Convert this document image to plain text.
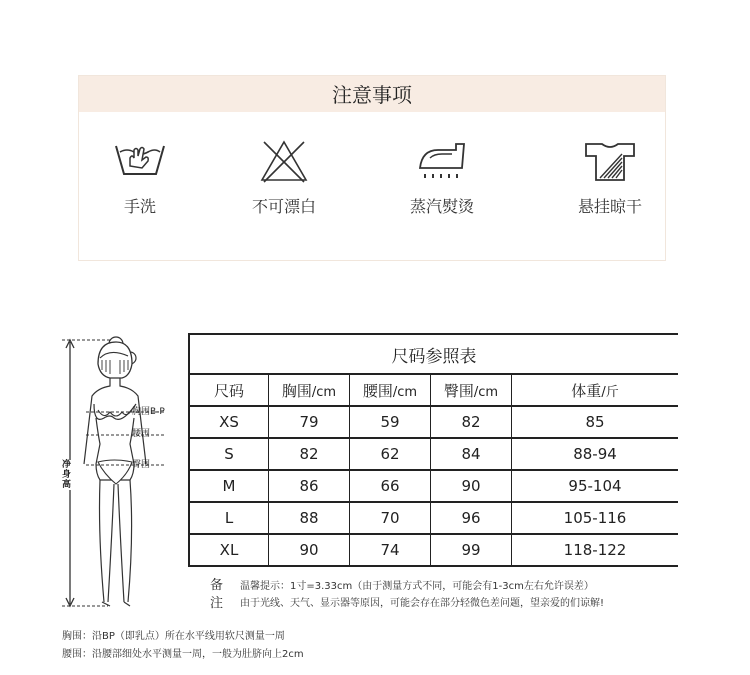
注意事项
手洗	不可漂白	蒸汽熨烫	悬挂晾干
胸围B-P
腰围
臀围
净身高
尺码参照表				
尺码	胸围/cm	腰围/cm	臀围/cm	体重/斤
XS	79	59	82	85
S	82	62	84	88-94
M	86	66	90	95-104
L	88	70	96	105-116
XL	90	74	99	118-122
备
注
温馨提示：1寸=3.33cm（由于测量方式不同，可能会有1-3cm左右允许误差）
由于光线、天气、显示器等原因，可能会存在部分轻微色差问题，望亲爱的们谅解!
胸围：沿BP（即乳点）所在水平线用软尺测量一周
腰围：沿腰部细处水平测量一周，一般为肚脐向上2cm
